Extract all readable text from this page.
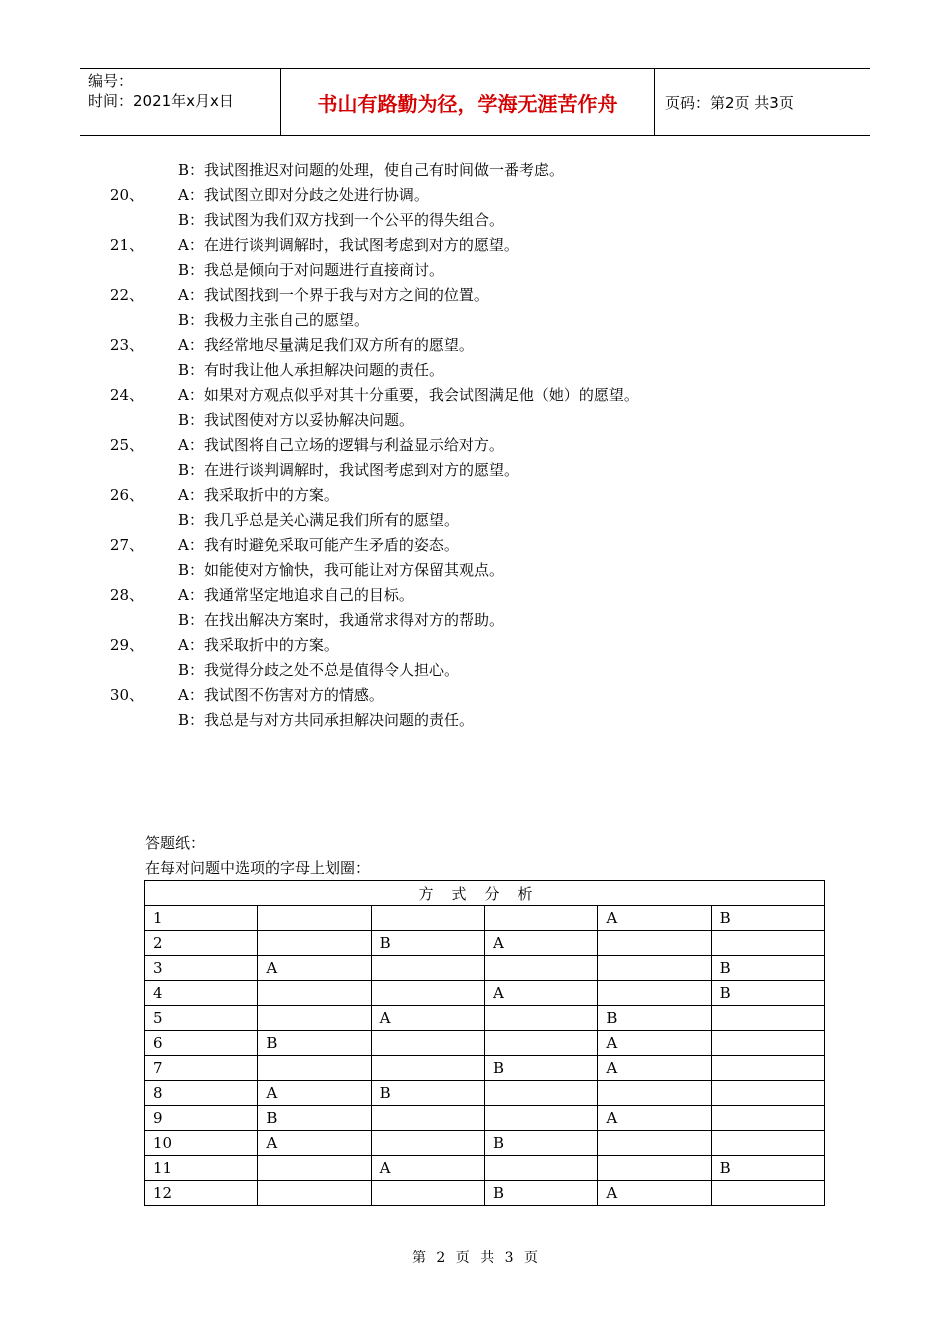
编号：
时间：2021年x月x日	书山有路勤为径，学海无涯苦作舟	页码：第2页 共3页
B：我试图推迟对问题的处理，使自己有时间做一番考虑。
20、 A：我试图立即对分歧之处进行协调。
B：我试图为我们双方找到一个公平的得失组合。
21、 A：在进行谈判调解时，我试图考虑到对方的愿望。
B：我总是倾向于对问题进行直接商讨。
22、 A：我试图找到一个界于我与对方之间的位置。
B：我极力主张自己的愿望。
23、 A：我经常地尽量满足我们双方所有的愿望。
B：有时我让他人承担解决问题的责任。
24、 A：如果对方观点似乎对其十分重要，我会试图满足他（她）的愿望。
B：我试图使对方以妥协解决问题。
25、 A：我试图将自己立场的逻辑与利益显示给对方。
B：在进行谈判调解时，我试图考虑到对方的愿望。
26、 A：我采取折中的方案。
B：我几乎总是关心满足我们所有的愿望。
27、 A：我有时避免采取可能产生矛盾的姿态。
B：如能使对方愉快，我可能让对方保留其观点。
28、 A：我通常坚定地追求自己的目标。
B：在找出解决方案时，我通常求得对方的帮助。
29、 A：我采取折中的方案。
B：我觉得分歧之处不总是值得令人担心。
30、 A：我试图不伤害对方的情感。
B：我总是与对方共同承担解决问题的责任。
答题纸：
在每对问题中选项的字母上划圈：
方式分析					
1				A	B
2		B	A		
3	A				B
4			A		B
5		A		B	
6	B			A	
7			B	A	
8	A	B			
9	B			A	
10	A		B		
11		A			B
12			B	A	
第 2 页 共 3 页
